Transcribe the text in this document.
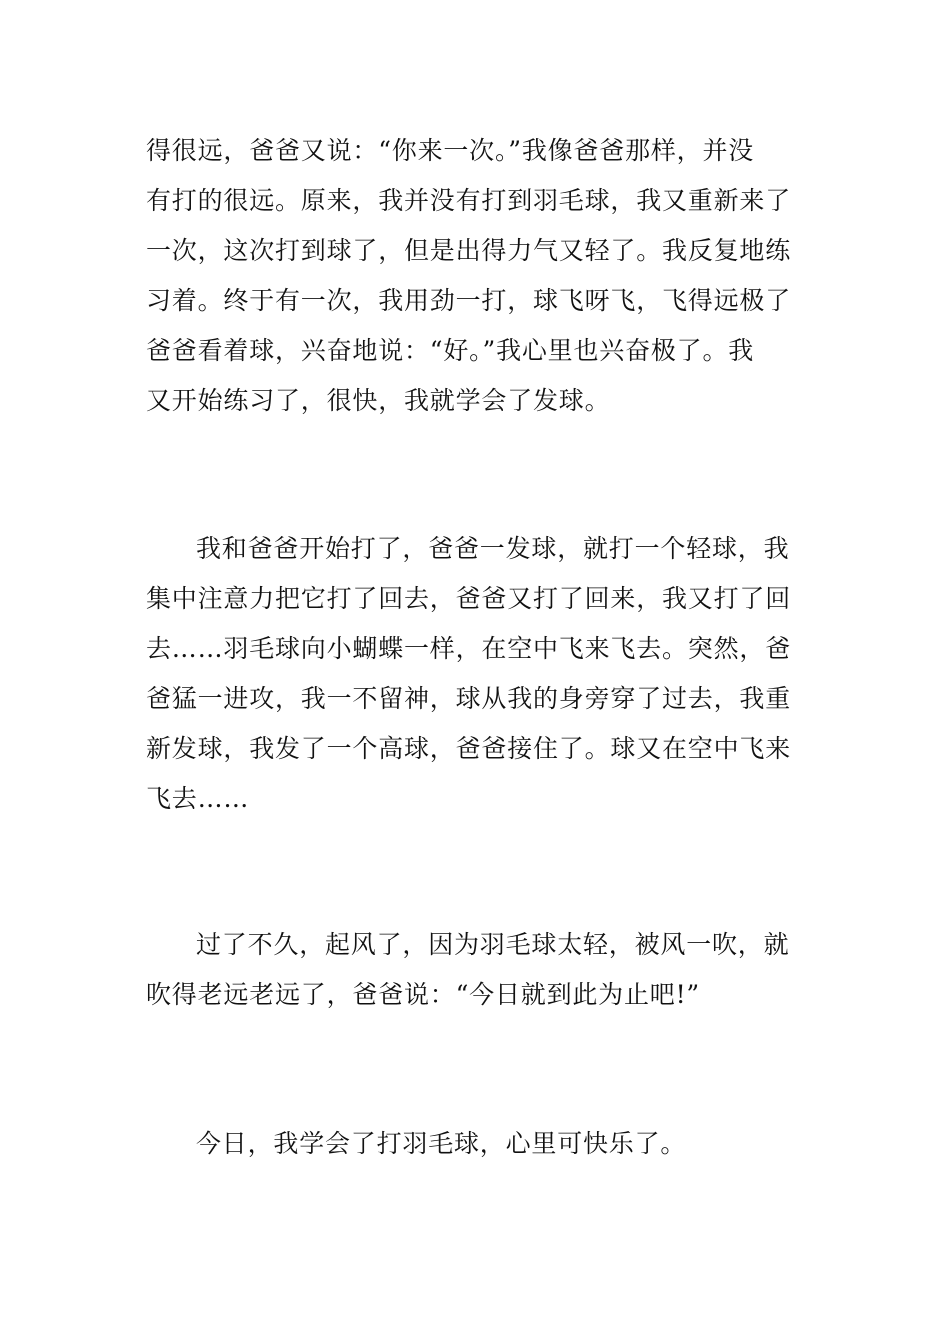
得很远，爸爸又说：“你来一次。”我像爸爸那样，并没
有打的很远。原来，我并没有打到羽毛球，我又重新来了
一次，这次打到球了，但是出得力气又轻了。我反复地练
习着。终于有一次，我用劲一打，球飞呀飞，飞得远极了
爸爸看着球，兴奋地说：“好。”我心里也兴奋极了。我
又开始练习了，很快，我就学会了发球。
我和爸爸开始打了，爸爸一发球，就打一个轻球，我
集中注意力把它打了回去，爸爸又打了回来，我又打了回
去……羽毛球向小蝴蝶一样，在空中飞来飞去。突然，爸
爸猛一进攻，我一不留神，球从我的身旁穿了过去，我重
新发球，我发了一个高球，爸爸接住了。球又在空中飞来
飞去……
过了不久，起风了，因为羽毛球太轻，被风一吹，就
吹得老远老远了，爸爸说：“今日就到此为止吧!”
今日，我学会了打羽毛球，心里可快乐了。
